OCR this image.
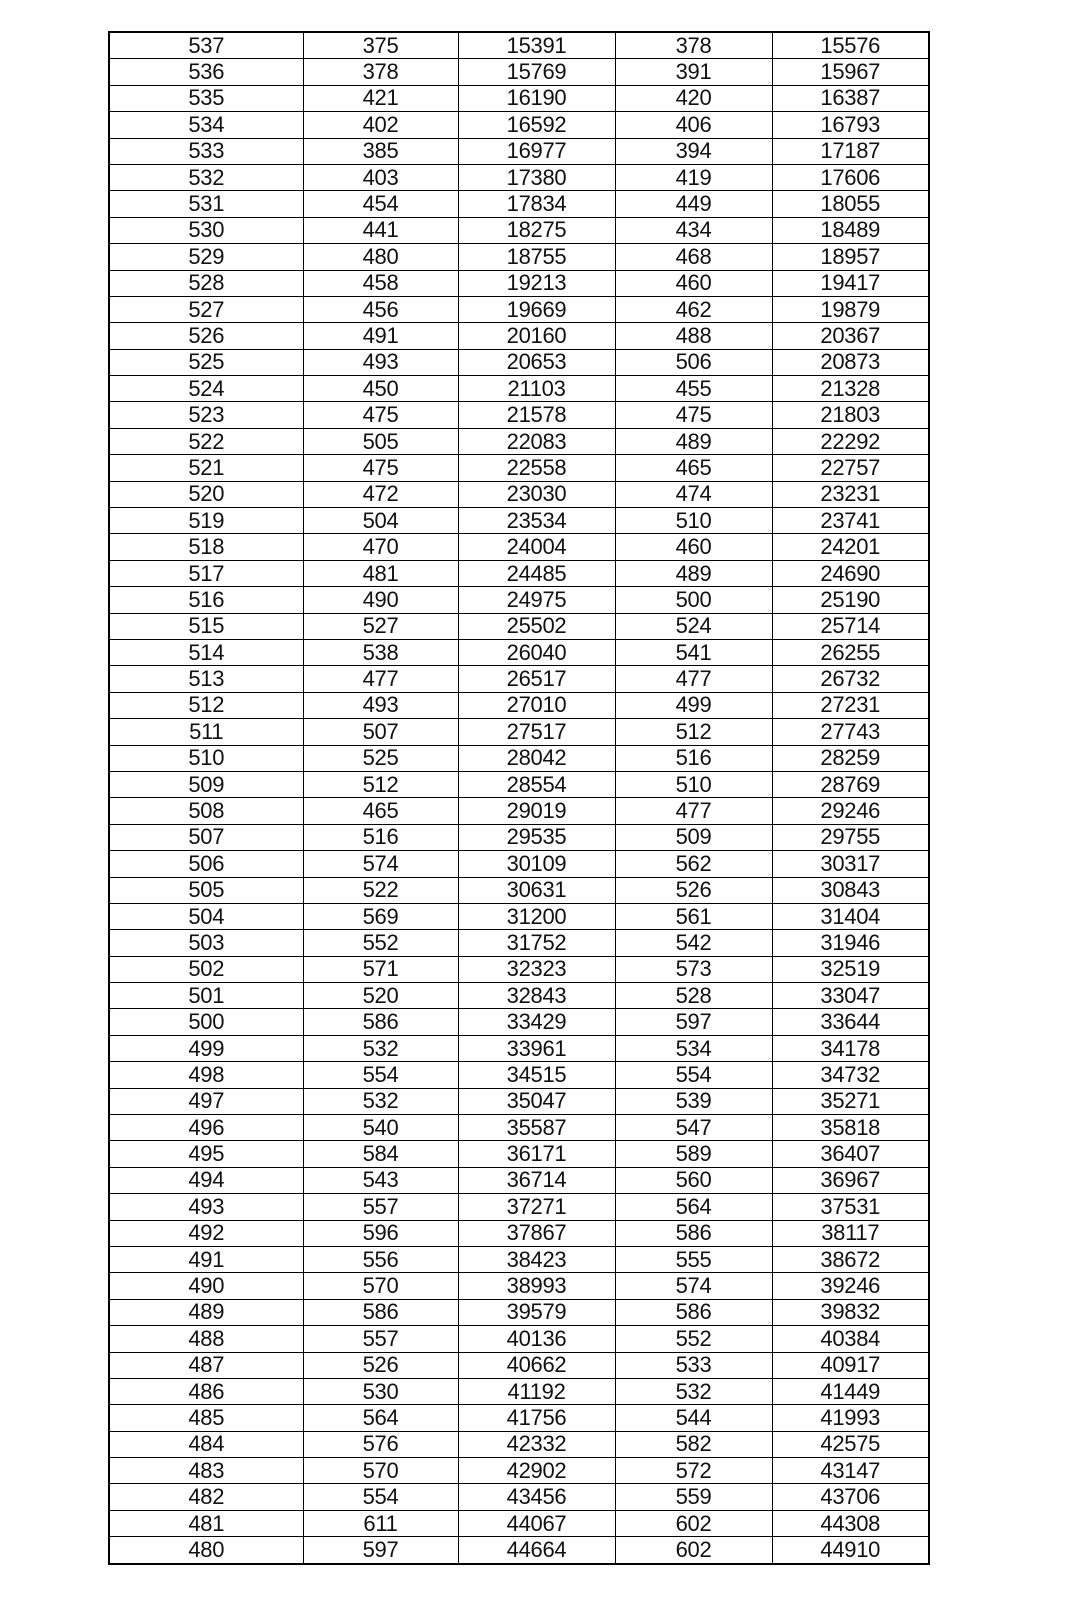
537	375	15391	378	15576
536	378	15769	391	15967
535	421	16190	420	16387
534	402	16592	406	16793
533	385	16977	394	17187
532	403	17380	419	17606
531	454	17834	449	18055
530	441	18275	434	18489
529	480	18755	468	18957
528	458	19213	460	19417
527	456	19669	462	19879
526	491	20160	488	20367
525	493	20653	506	20873
524	450	21103	455	21328
523	475	21578	475	21803
522	505	22083	489	22292
521	475	22558	465	22757
520	472	23030	474	23231
519	504	23534	510	23741
518	470	24004	460	24201
517	481	24485	489	24690
516	490	24975	500	25190
515	527	25502	524	25714
514	538	26040	541	26255
513	477	26517	477	26732
512	493	27010	499	27231
511	507	27517	512	27743
510	525	28042	516	28259
509	512	28554	510	28769
508	465	29019	477	29246
507	516	29535	509	29755
506	574	30109	562	30317
505	522	30631	526	30843
504	569	31200	561	31404
503	552	31752	542	31946
502	571	32323	573	32519
501	520	32843	528	33047
500	586	33429	597	33644
499	532	33961	534	34178
498	554	34515	554	34732
497	532	35047	539	35271
496	540	35587	547	35818
495	584	36171	589	36407
494	543	36714	560	36967
493	557	37271	564	37531
492	596	37867	586	38117
491	556	38423	555	38672
490	570	38993	574	39246
489	586	39579	586	39832
488	557	40136	552	40384
487	526	40662	533	40917
486	530	41192	532	41449
485	564	41756	544	41993
484	576	42332	582	42575
483	570	42902	572	43147
482	554	43456	559	43706
481	611	44067	602	44308
480	597	44664	602	44910
